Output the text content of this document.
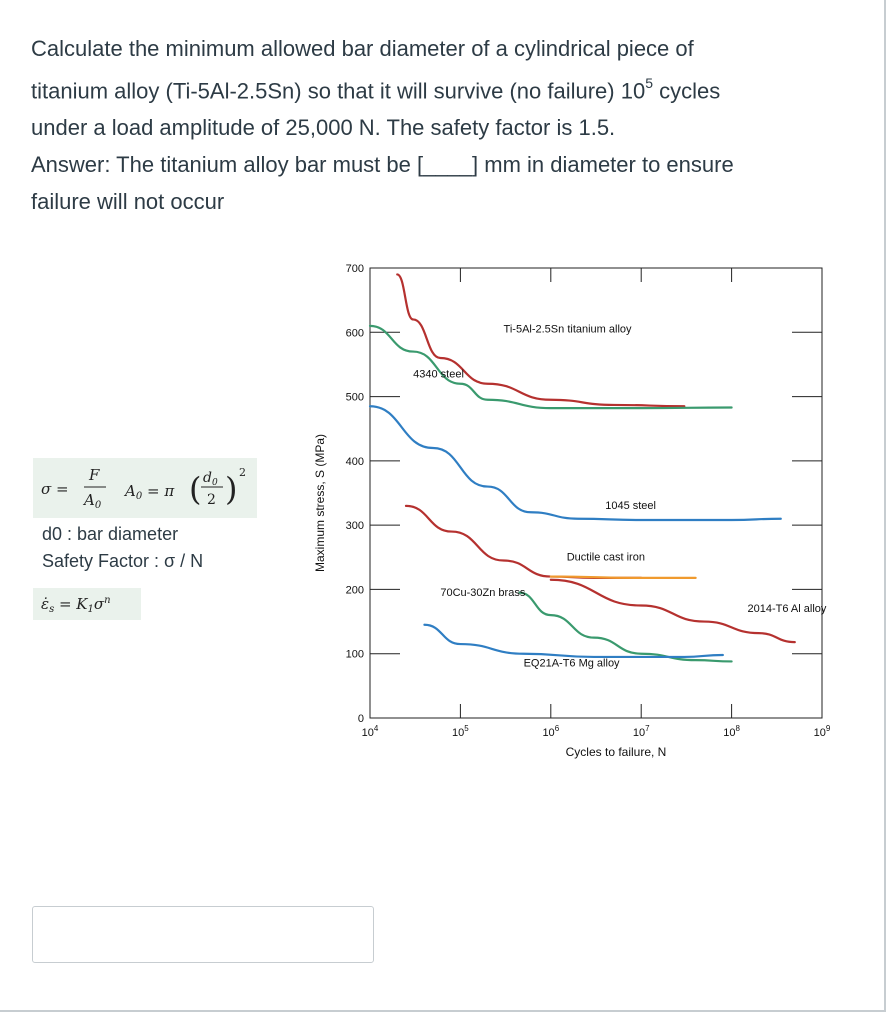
Calculate the minimum allowed bar diameter of a cylindrical piece of

titanium alloy (Ti-5Al-2.5Sn) so that it will survive (no failure) $10^5$ cycles

under a load amplitude of 25,000 N. The safety factor is 1.5.

Answer: The titanium alloy bar must be [____] mm in diameter to ensure

failure will not occur

σ =
F
$A_0$
$A_0 = \pi$ ( $d_0$
2 ) 2
d0 : bar diameter
Safety Factor : σ / N
$\varepsiloṅ_s = K_1\sigma^n$
0
100
200
300
400
500
600
700
$10^4$	$10^5$	$10^6$	$10^7$	$10^8$	$10^9$
Cycles to failure, N
Maximum stress, S (MPa)
Ti-5Al-2.5Sn titanium alloy
4340 steel
1045 steel
Ductile cast iron
70Cu-30Zn brass
2014-T6 Al alloy
EQ21A-T6 Mg alloy
